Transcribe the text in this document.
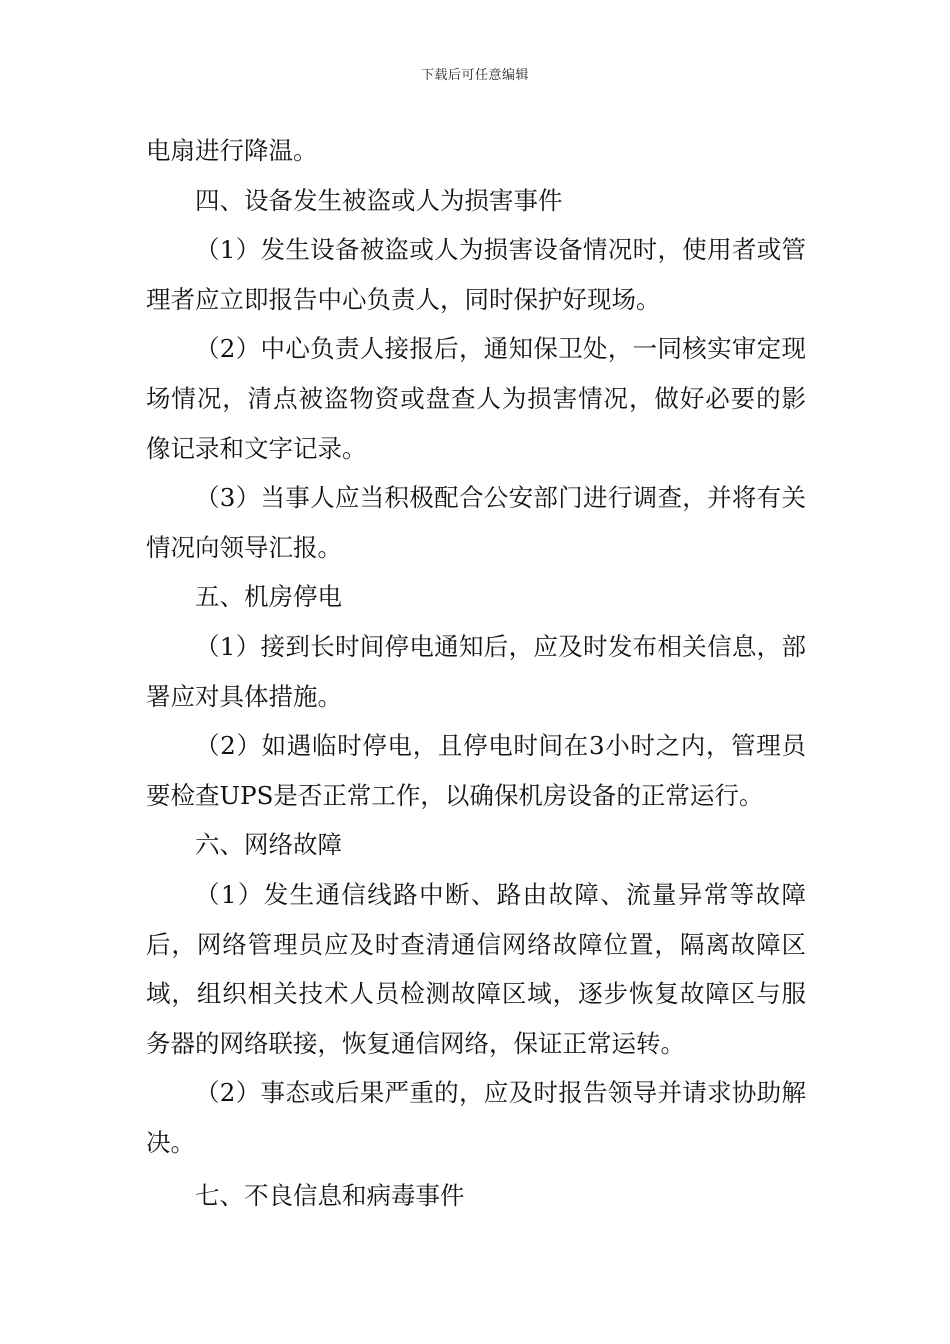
下载后可任意编辑

电扇进行降温。

四、设备发生被盗或人为损害事件

（1）发生设备被盗或人为损害设备情况时，使用者或管理者应立即报告中心负责人，同时保护好现场。

（2）中心负责人接报后，通知保卫处，一同核实审定现场情况，清点被盗物资或盘查人为损害情况，做好必要的影像记录和文字记录。

（3）当事人应当积极配合公安部门进行调查，并将有关情况向领导汇报。

五、机房停电

（1）接到长时间停电通知后，应及时发布相关信息，部署应对具体措施。

（2）如遇临时停电，且停电时间在3小时之内，管理员要检查UPS是否正常工作，以确保机房设备的正常运行。

六、网络故障

（1）发生通信线路中断、路由故障、流量异常等故障后，网络管理员应及时查清通信网络故障位置，隔离故障区域，组织相关技术人员检测故障区域，逐步恢复故障区与服务器的网络联接，恢复通信网络，保证正常运转。

（2）事态或后果严重的，应及时报告领导并请求协助解决。

七、不良信息和病毒事件
